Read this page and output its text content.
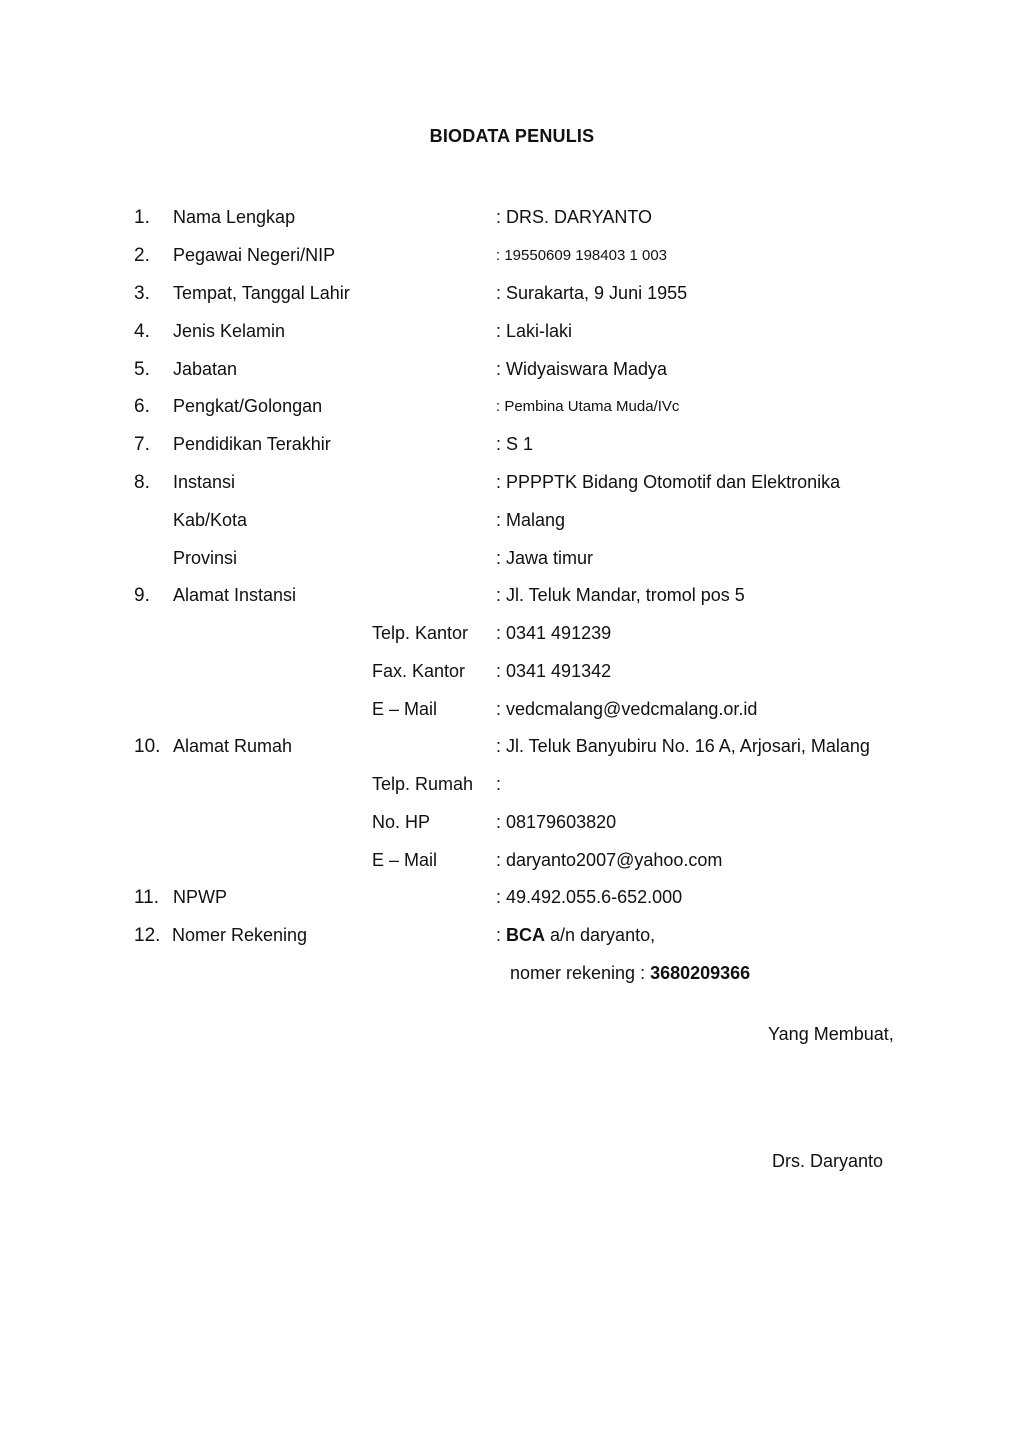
BIODATA PENULIS
1. Nama Lengkap	: DRS. DARYANTO
2. Pegawai Negeri/NIP	: 19550609 198403 1 003
3. Tempat, Tanggal Lahir	: Surakarta, 9 Juni 1955
4. Jenis Kelamin	: Laki-laki
5. Jabatan	: Widyaiswara Madya
6. Pengkat/Golongan	: Pembina Utama Muda/IVc
7. Pendidikan Terakhir	: S 1
8. Instansi	: PPPPTK Bidang Otomotif dan Elektronika
Kab/Kota	: Malang
Provinsi	: Jawa timur
9. Alamat Instansi	: Jl. Teluk Mandar, tromol pos 5
Telp. Kantor : 0341 491239
Fax. Kantor : 0341 491342
E – Mail	: vedcmalang@vedcmalang.or.id
10. Alamat Rumah	: Jl. Teluk Banyubiru No. 16 A, Arjosari, Malang
Telp. Rumah :
No. HP	: 08179603820
E – Mail	: daryanto2007@yahoo.com
11. NPWP	: 49.492.055.6-652.000
12. Nomer Rekening	: BCA a/n daryanto,
nomer rekening : 3680209366
Yang Membuat,
Drs. Daryanto
